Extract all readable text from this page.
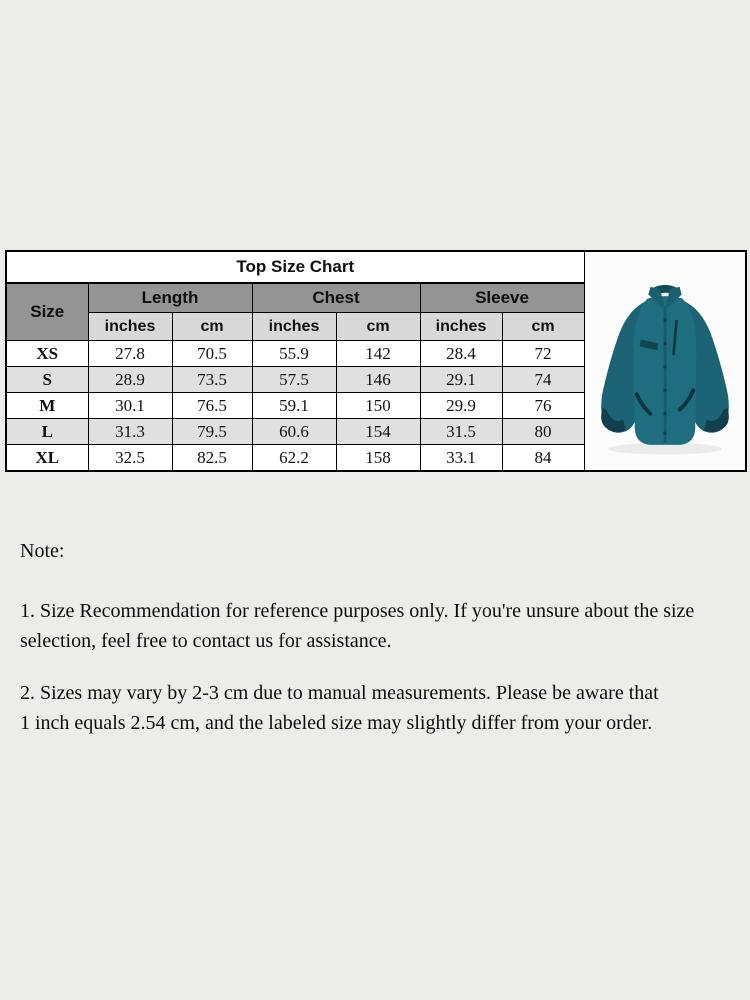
Top Size Chart	

Size	Length		Chest		Sleeve		
	inches	cm	inches	cm	inches	cm	
XS	27.8	70.5	55.9	142	28.4	72	
S	28.9	73.5	57.5	146	29.1	74	
M	30.1	76.5	59.1	150	29.9	76	
L	31.3	79.5	60.6	154	31.5	80	
XL	32.5	82.5	62.2	158	33.1	84	
Note:
1. Size Recommendation for reference purposes only. If you're unsure about the size
selection, feel free to contact us for assistance.
2. Sizes may vary by 2-3 cm due to manual measurements. Please be aware that
1 inch equals 2.54 cm, and the labeled size may slightly differ from your order.
